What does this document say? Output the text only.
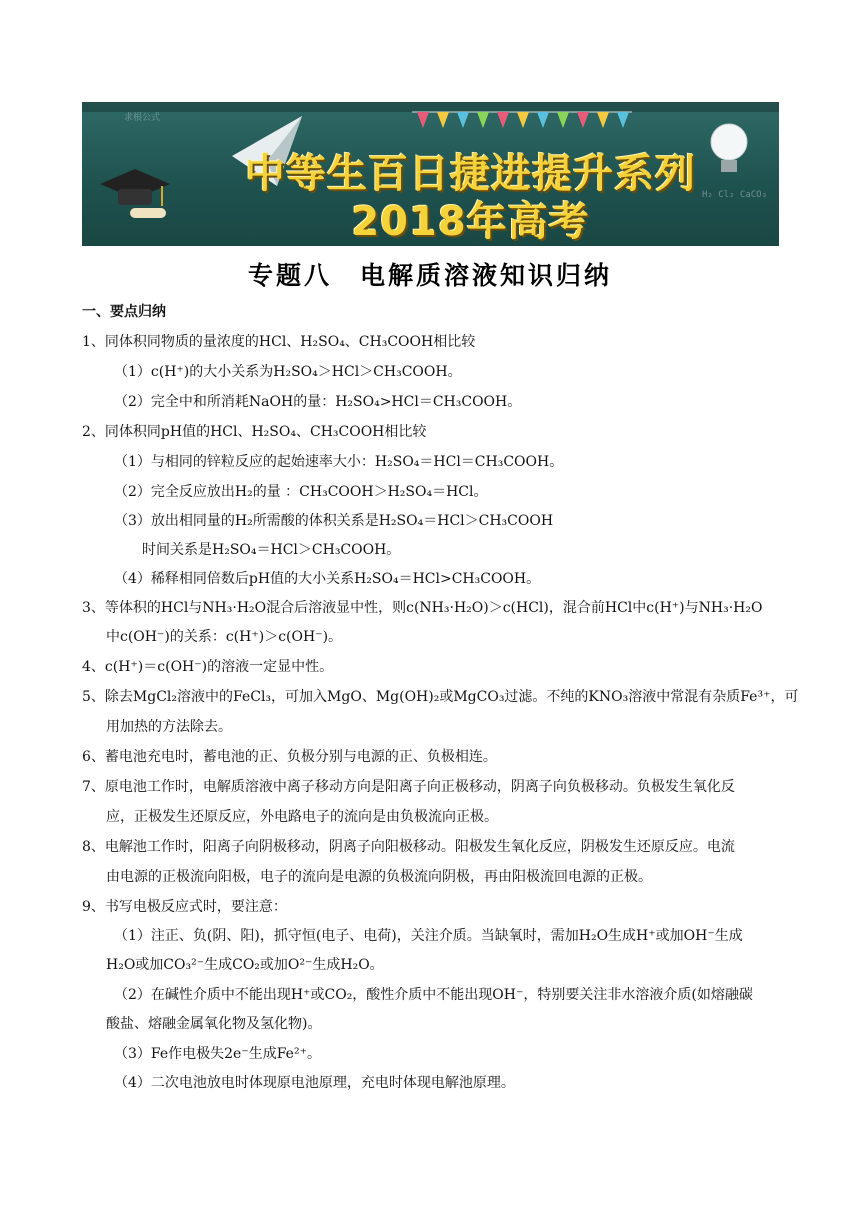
求根公式
H₂ Cl₂ CaCO₃
中等生百日捷进提升系列
2018年高考
专题八　电解质溶液知识归纳
一、要点归纳
1、同体积同物质的量浓度的HCl、H₂SO₄、CH₃COOH相比较
（1）c(H⁺)的大小关系为H₂SO₄＞HCl＞CH₃COOH。
（2）完全中和所消耗NaOH的量：H₂SO₄>HCl＝CH₃COOH。
2、同体积同pH值的HCl、H₂SO₄、CH₃COOH相比较
（1）与相同的锌粒反应的起始速率大小：H₂SO₄＝HCl＝CH₃COOH。
（2）完全反应放出H₂的量 ：CH₃COOH＞H₂SO₄＝HCl。
（3）放出相同量的H₂所需酸的体积关系是H₂SO₄＝HCl＞CH₃COOH
时间关系是H₂SO₄＝HCl＞CH₃COOH。
（4）稀释相同倍数后pH值的大小关系H₂SO₄＝HCl>CH₃COOH。
3、等体积的HCl与NH₃·H₂O混合后溶液显中性，则c(NH₃·H₂O)＞c(HCl)，混合前HCl中c(H⁺)与NH₃·H₂O
中c(OH⁻)的关系：c(H⁺)＞c(OH⁻)。
4、c(H⁺)＝c(OH⁻)的溶液一定显中性。
5、除去MgCl₂溶液中的FeCl₃，可加入MgO、Mg(OH)₂或MgCO₃过滤。不纯的KNO₃溶液中常混有杂质Fe³⁺，可
用加热的方法除去。
6、蓄电池充电时，蓄电池的正、负极分别与电源的正、负极相连。
7、原电池工作时，电解质溶液中离子移动方向是阳离子向正极移动，阴离子向负极移动。负极发生氧化反
应，正极发生还原反应，外电路电子的流向是由负极流向正极。
8、电解池工作时，阳离子向阴极移动，阴离子向阳极移动。阳极发生氧化反应，阴极发生还原反应。电流
由电源的正极流向阳极，电子的流向是电源的负极流向阴极，再由阳极流回电源的正极。
9、书写电极反应式时，要注意：
（1）注正、负(阴、阳)，抓守恒(电子、电荷)，关注介质。当缺氧时，需加H₂O生成H⁺或加OH⁻生成
H₂O或加CO₃²⁻生成CO₂或加O²⁻生成H₂O。
（2）在碱性介质中不能出现H⁺或CO₂，酸性介质中不能出现OH⁻，特别要关注非水溶液介质(如熔融碳
酸盐、熔融金属氧化物及氢化物)。
（3）Fe作电极失2e⁻生成Fe²⁺。
（4）二次电池放电时体现原电池原理，充电时体现电解池原理。
